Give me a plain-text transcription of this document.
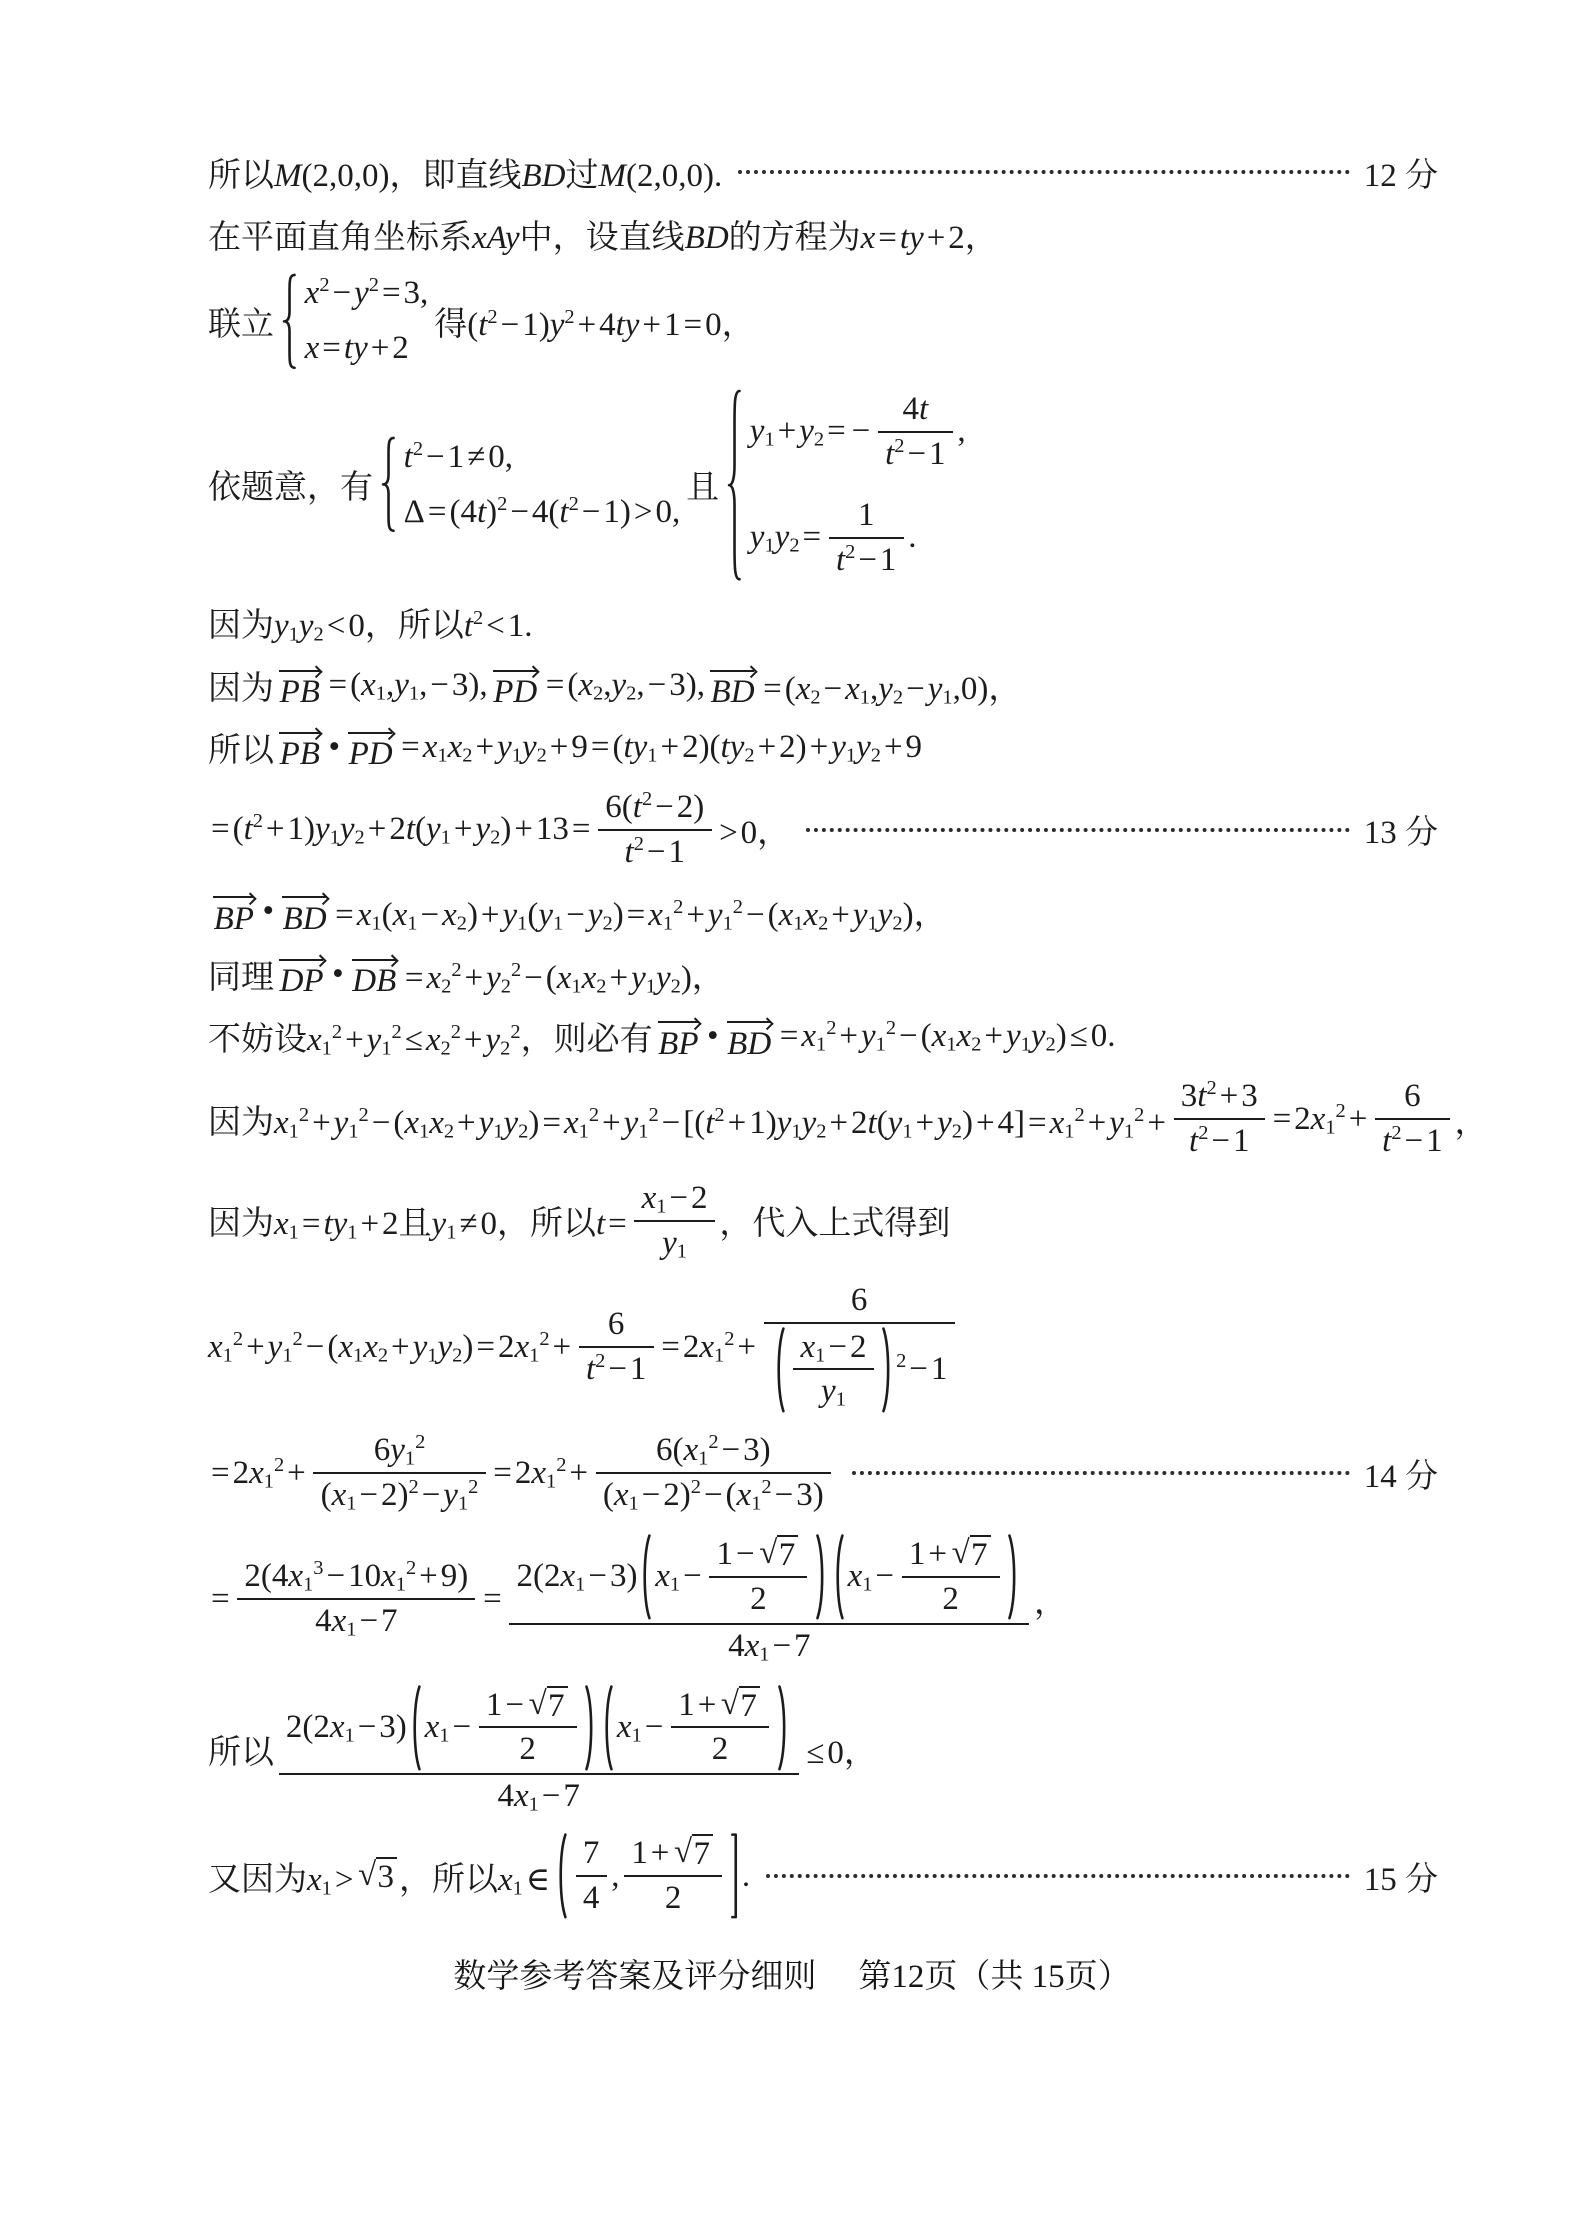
所以M(2,0,0)，即直线BD过M(2,0,0).	12 分
在平面直角坐标系xAy中，设直线BD的方程为x=ty+2，
联立
$x^2-y^2=3$,
x=ty+2
得$(t^2-1)y^2+4ty+1=0$，
依题意，有
$t^2-1\ne 0$,
$\Delta=(4t)^2-4(t^2-1)>0$,
且
$y_1+y_2= - \frac{4t}{t^2-1}$ ,
$y_1y_2= \frac{1}{t^2-1}$ .
因为$y_1y_2<0$，所以$t^2<1$.
因为 PB $=(x_1,y_1,-3)$, PD $=(x_2,y_2,-3)$, BD $=(x_2-x_1,y_2-y_1,0)$，
所以 PB • PD $=x_1x_2+y_1y_2+9=(ty_1+2)(ty_2+2)+y_1y_2+9$
$=(t^2+1)y_1y_2+2t(y_1+y_2)+13= \frac{6(t^2-2)}{t^2-1} >0$，	13 分
BP • BD $=x_1(x_1-x_2)+y_1(y_1-y_2)=x_1^2+y_1^2-(x_1x_2+y_1y_2)$，
同理 DP • DB $=x_2^2+y_2^2-(x_1x_2+y_1y_2)$，
不妨设$x_1^2+y_1^2\le x_2^2+y_2^2$，则必有 BP • BD $=x_1^2+y_1^2-(x_1x_2+y_1y_2)\le 0$.
因为$x_1^2+y_1^2-(x_1x_2+y_1y_2)=x_1^2+y_1^2-[(t^2+1)y_1y_2+2t(y_1+y_2)+4]=x_1^2+y_1^2+ \frac{3t^2+3}{t^2-1} =2x_1^2+ \frac{6}{t^2-1}$ ，
因为$x_1=ty_1+2$且$y_1\ne 0$，所以$t= \frac{x_1-2}{y_1}$ ，代入上式得到
$x_1^2+y_1^2-(x_1x_2+y_1y_2)=2x_1^2+ \frac{6}{t^2-1} =2x_1^2+ \frac{6}{\frac{x_1-2}{y_1} ^2-1}$
$=2x_1^2+ \frac{6y_1^2}{(x_1-2)^2-y_1^2} =2x_1^2+ \frac{6(x_1^2-3)}{(x_1-2)^2-(x_1^2-3)}$	14 分
= $\frac{2(4x_1^3-10x_1^2+9)}{4x_1-7} = \frac{2(2x_1-3) x_1- \frac{1- √ 7}{2} x_1- \frac{1+ √ 7}{2}}{4x_1-7}$ ，
所以 $\frac{2(2x_1-3) x_1- \frac{1- √ 7}{2} x_1- \frac{1+ √ 7}{2}}{4x_1-7} \le 0$，
又因为$x_1>$ √ 3 ，所以$x_1\in \frac{7}{4}$ , $\frac{1+ √ 7}{2}$ .	15 分
数学参考答案及评分细则 第12页（共 15页）
